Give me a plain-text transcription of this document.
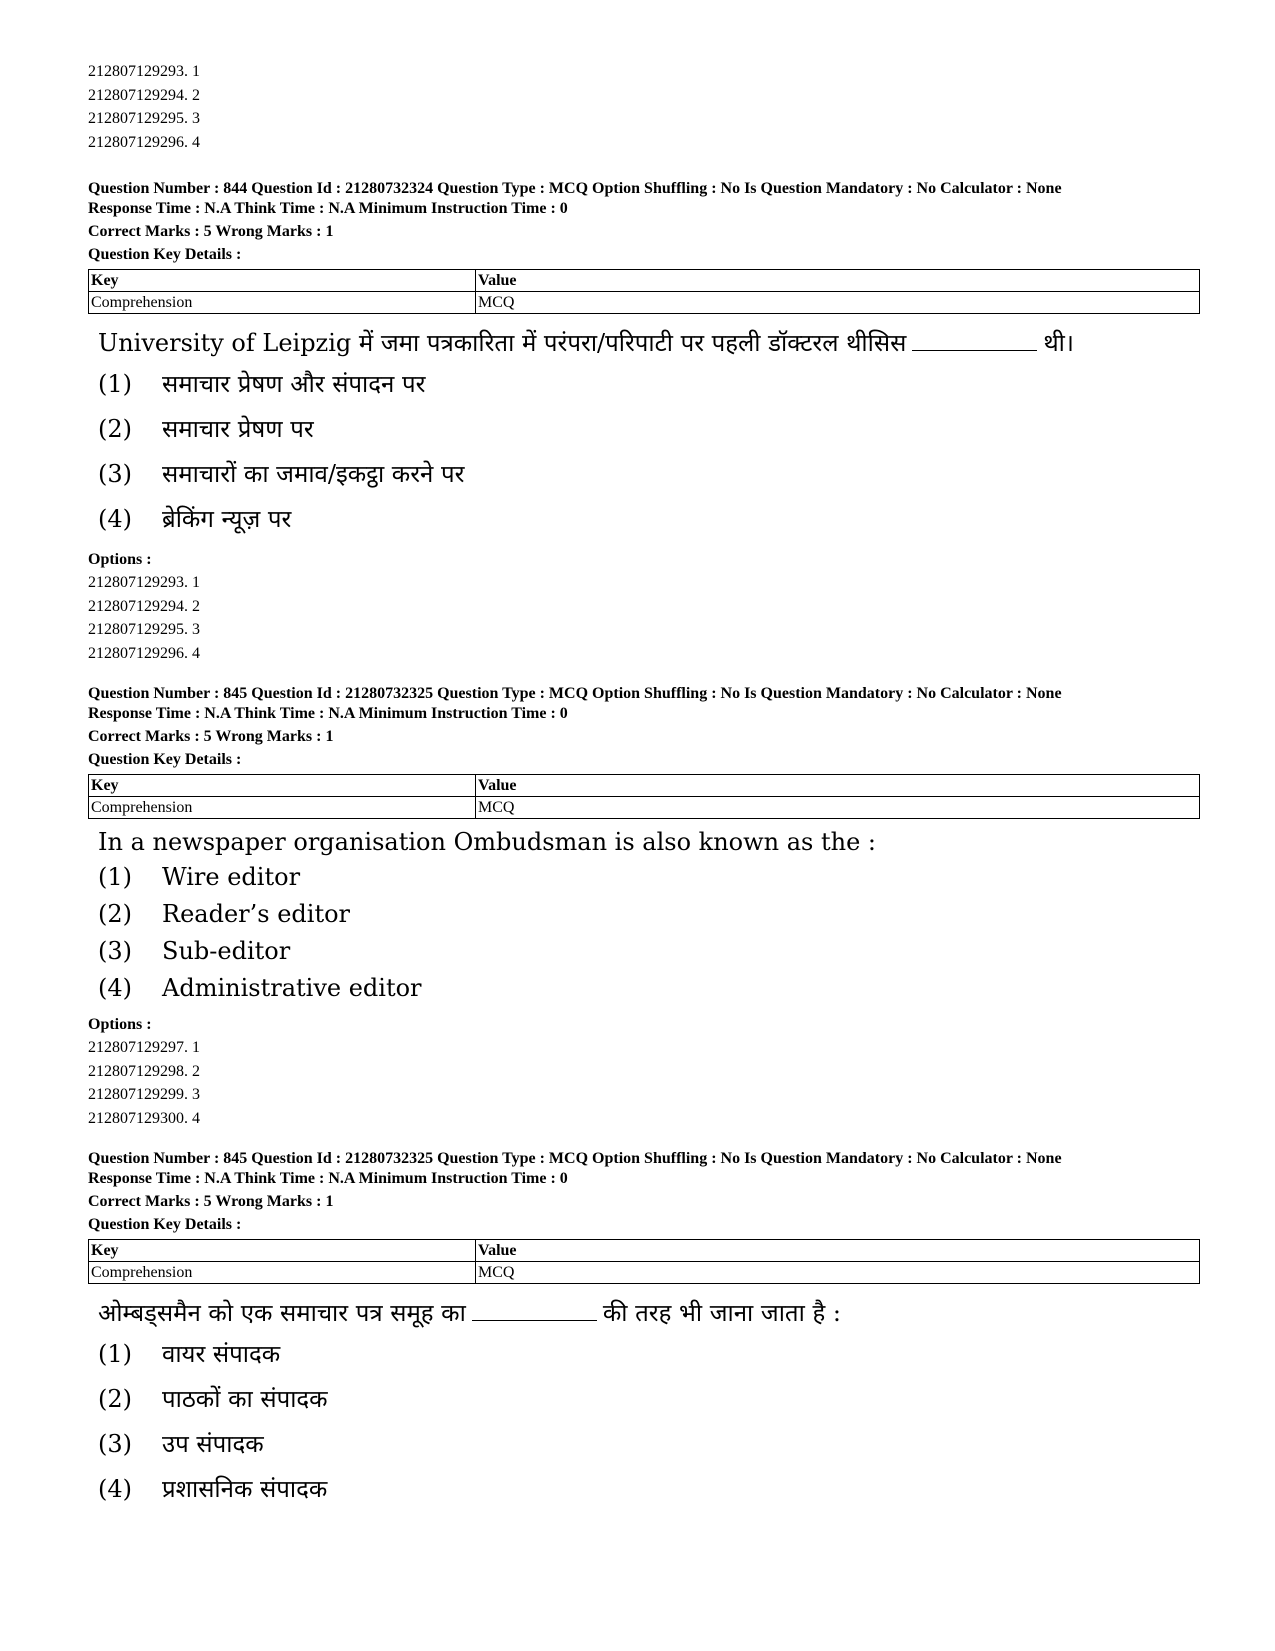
212807129293. 1
212807129294. 2
212807129295. 3
212807129296. 4
Question Number : 844 Question Id : 21280732324 Question Type : MCQ Option Shuffling : No Is Question Mandatory : No Calculator : None
Response Time : N.A Think Time : N.A Minimum Instruction Time : 0
Correct Marks : 5 Wrong Marks : 1
Question Key Details :
Key	Value
Comprehension	MCQ
University of Leipzig में जमा पत्रकारिता में परंपरा/परिपाटी पर पहली डॉक्टरल थीसिस	थी।
(1)	समाचार प्रेषण और संपादन पर
(2)	समाचार प्रेषण पर
(3)	समाचारों का जमाव/इकट्ठा करने पर
(4)	ब्रेकिंग न्यूज़ पर
Options :
212807129293. 1
212807129294. 2
212807129295. 3
212807129296. 4
Question Number : 845 Question Id : 21280732325 Question Type : MCQ Option Shuffling : No Is Question Mandatory : No Calculator : None
Response Time : N.A Think Time : N.A Minimum Instruction Time : 0
Correct Marks : 5 Wrong Marks : 1
Question Key Details :
Key	Value
Comprehension	MCQ
In a newspaper organisation Ombudsman is also known as the :
(1)	Wire editor
(2)	Reader’s editor
(3)	Sub-editor
(4)	Administrative editor
Options :
212807129297. 1
212807129298. 2
212807129299. 3
212807129300. 4
Question Number : 845 Question Id : 21280732325 Question Type : MCQ Option Shuffling : No Is Question Mandatory : No Calculator : None
Response Time : N.A Think Time : N.A Minimum Instruction Time : 0
Correct Marks : 5 Wrong Marks : 1
Question Key Details :
Key	Value
Comprehension	MCQ
ओम्बड्समैन को एक समाचार पत्र समूह का	की तरह भी जाना जाता है :
(1)	वायर संपादक
(2)	पाठकों का संपादक
(3)	उप संपादक
(4)	प्रशासनिक संपादक
